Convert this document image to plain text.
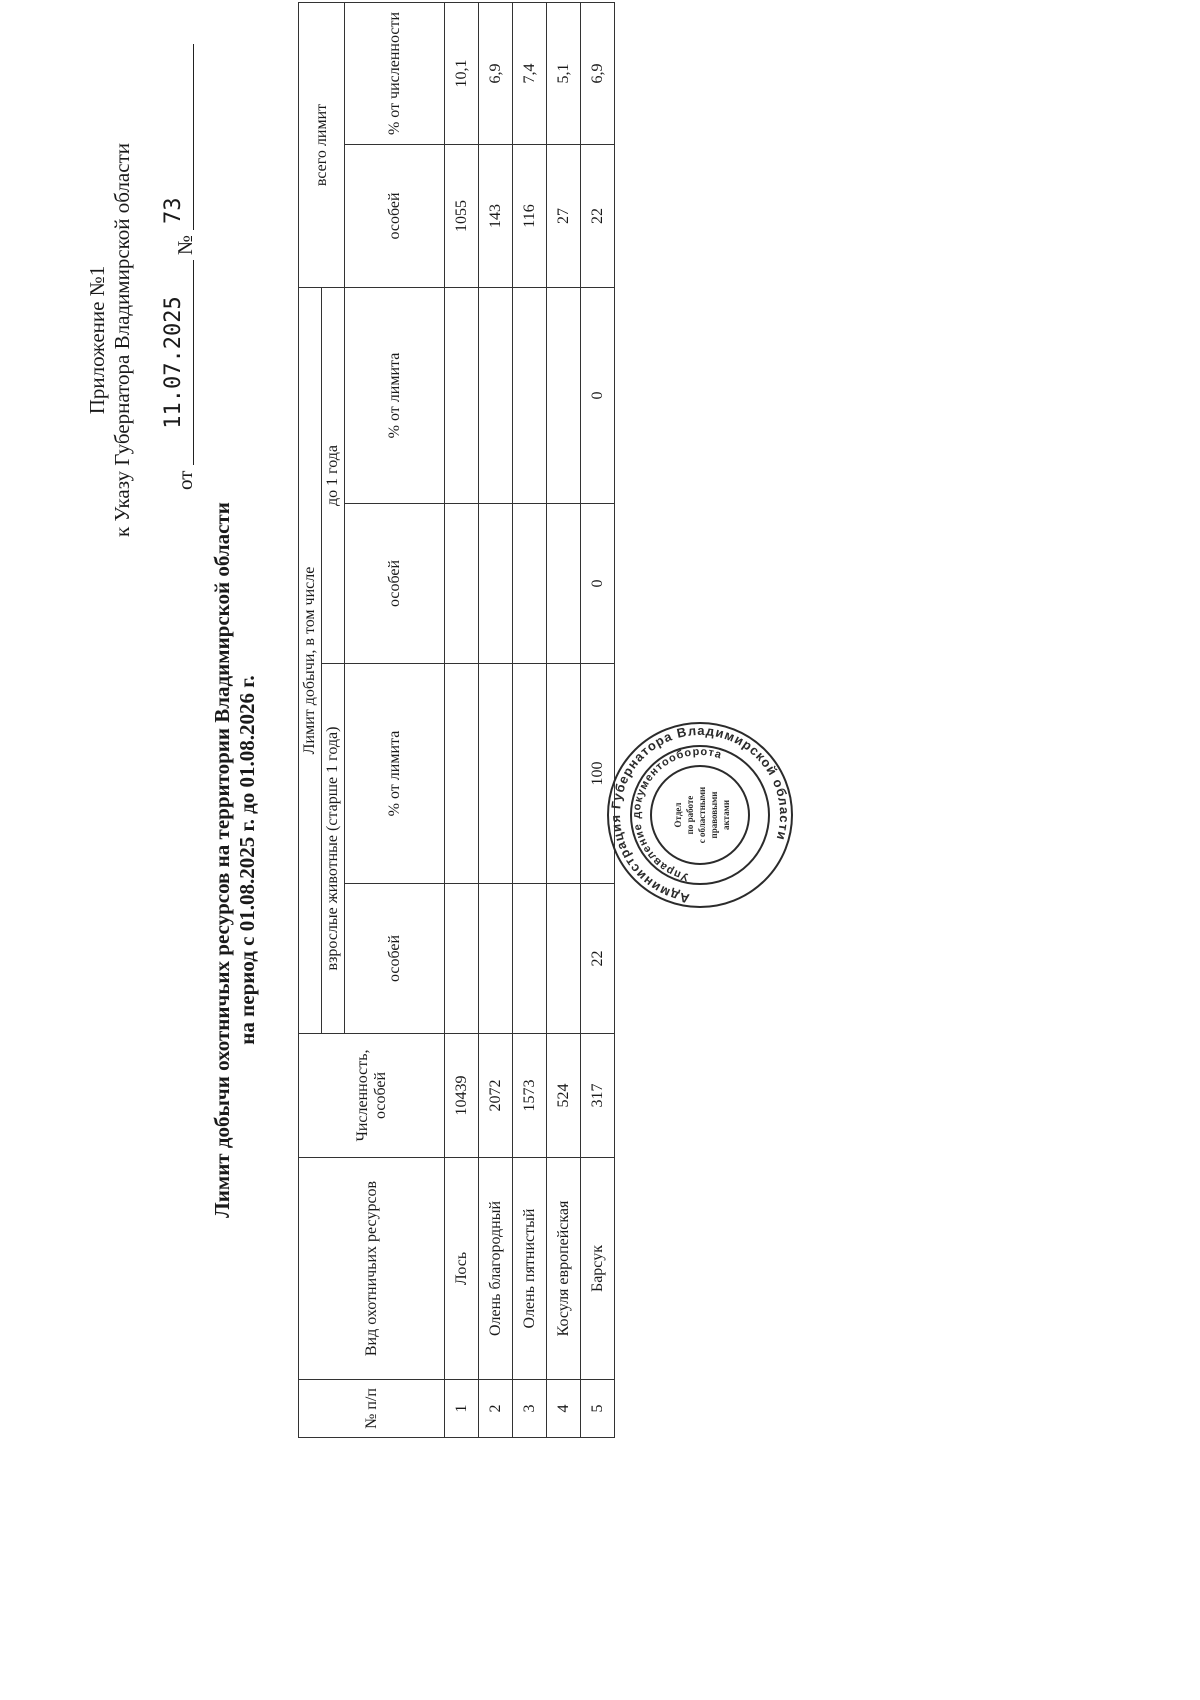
Приложение №1 к Указу Губернатора Владимирской области от
11.07.2025
№
73
Лимит добычи охотничьих ресурсов на территории Владимирской области на период с 01.08.2025 г. до 01.08.2026 г.
№ п/п	Вид охотничьих ресурсов	Численность, особей	Лимит добычи, в том числе				всего лимит	
			взрослые животные (старше 1 года)		до 1 года			
			особей	% от лимита	особей	% от лимита	особей	% от численности
1	Лось	10439					1055	10,1
2	Олень благородный	2072					143	6,9
3	Олень пятнистый	1573					116	7,4
4	Косуля европейская	524					27	5,1
5	Барсук	317	22	100	0	0	22	6,9
Администрация Губернатора Владимирской области
Управление документооборота
Отдел по работе с областными правовыми актами
